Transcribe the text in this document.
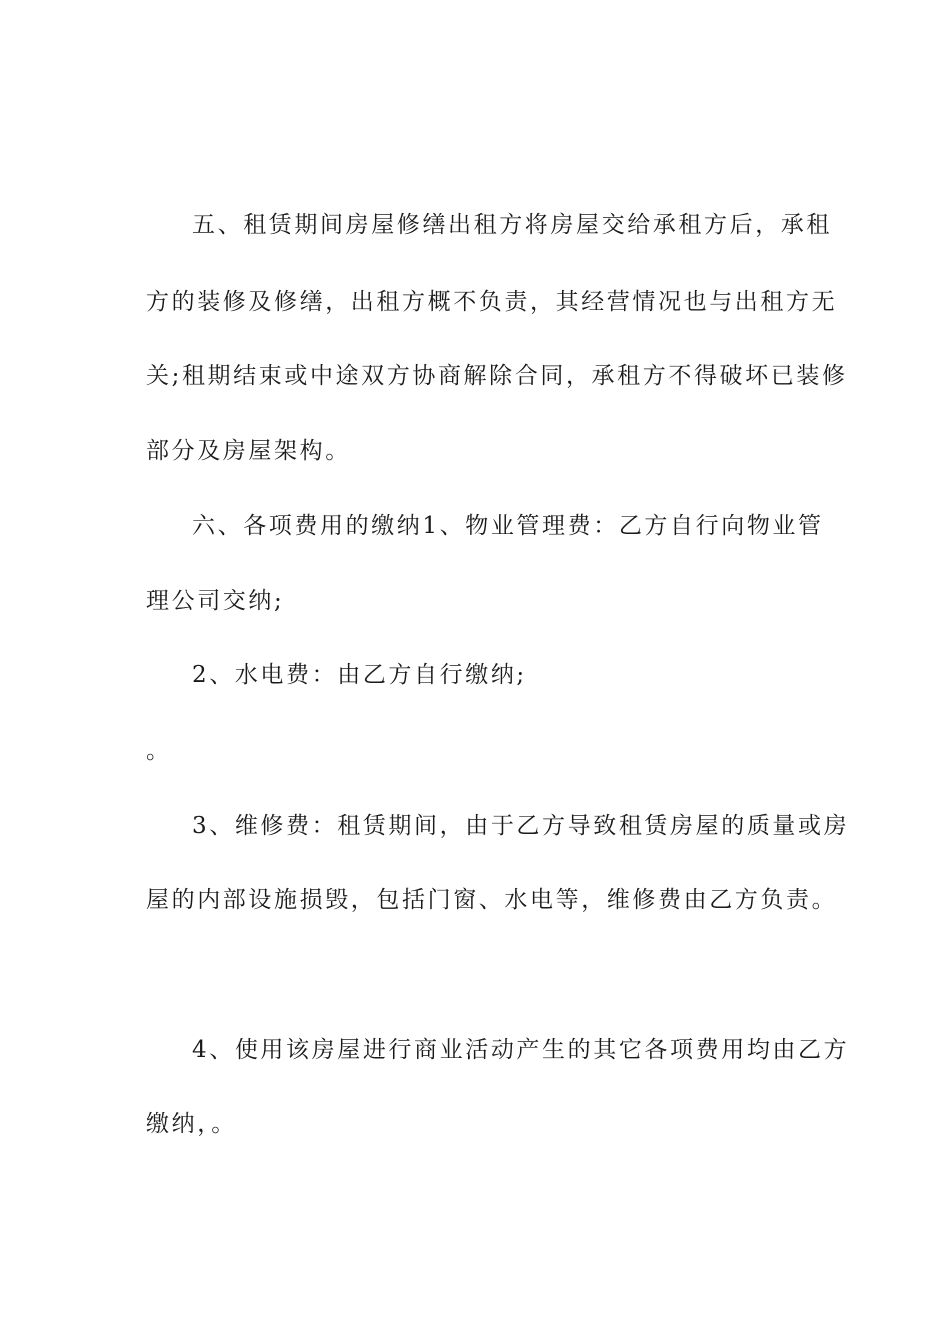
五、租赁期间房屋修缮出租方将房屋交给承租方后，承租
方的装修及修缮，出租方概不负责，其经营情况也与出租方无
关;租期结束或中途双方协商解除合同，承租方不得破坏已装修
部分及房屋架构。
六、各项费用的缴纳1、物业管理费：乙方自行向物业管
理公司交纳;
2、水电费：由乙方自行缴纳;
。
3、维修费：租赁期间，由于乙方导致租赁房屋的质量或房
屋的内部设施损毁，包括门窗、水电等，维修费由乙方负责。
4、使用该房屋进行商业活动产生的其它各项费用均由乙方
缴纳，。
